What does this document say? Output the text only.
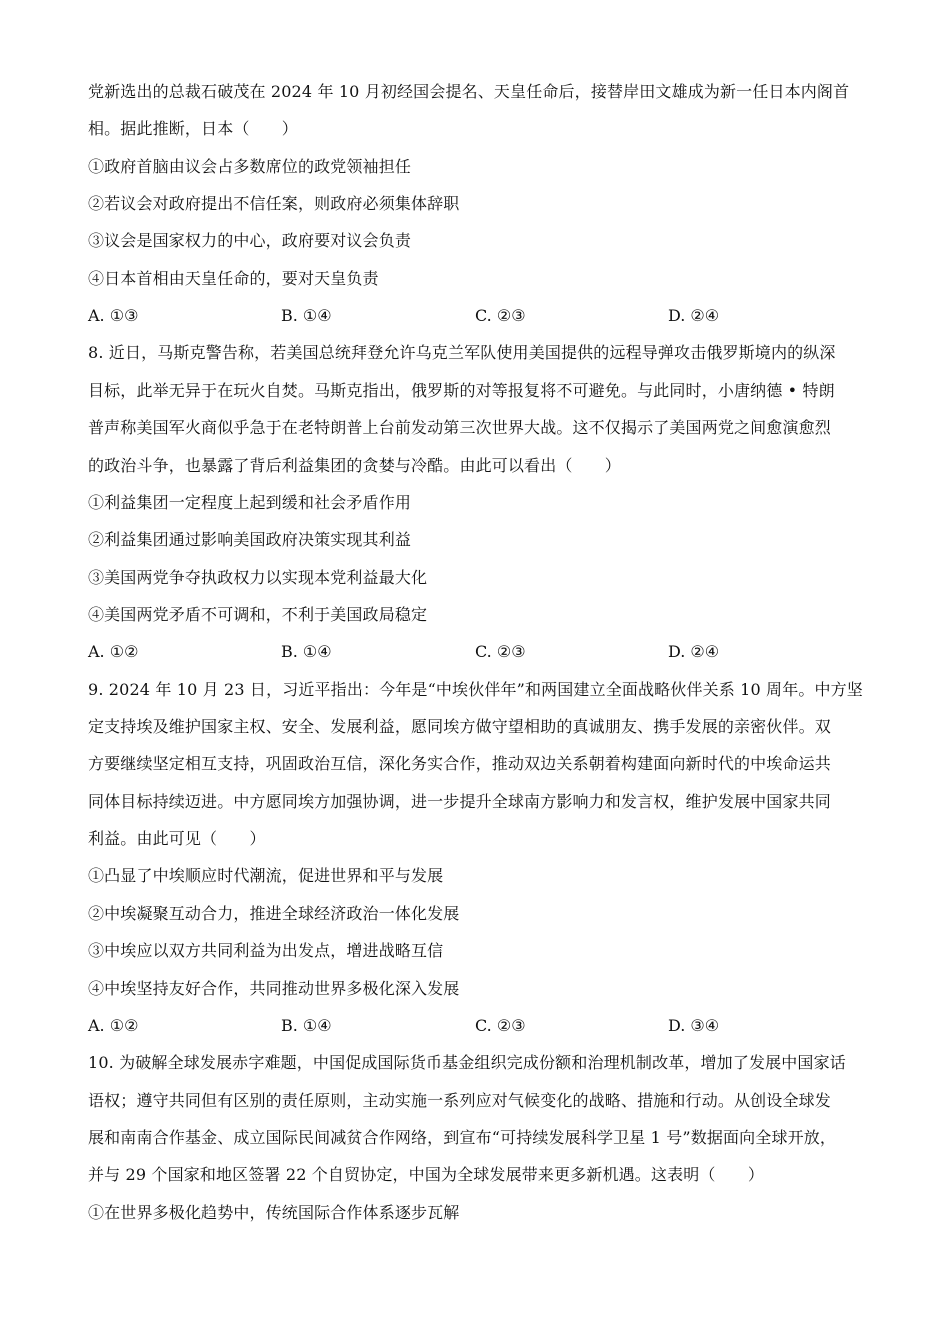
党新选出的总裁石破茂在 2024 年 10 月初经国会提名、天皇任命后，接替岸田文雄成为新一任日本内阁首
相。据此推断，日本（　　）
①政府首脑由议会占多数席位的政党领袖担任
②若议会对政府提出不信任案，则政府必须集体辞职
③议会是国家权力的中心，政府要对议会负责
④日本首相由天皇任命的，要对天皇负责
A. ①③	B. ①④	C. ②③	D. ②④
8. 近日，马斯克警告称，若美国总统拜登允许乌克兰军队使用美国提供的远程导弹攻击俄罗斯境内的纵深
目标，此举无异于在玩火自焚。马斯克指出，俄罗斯的对等报复将不可避免。与此同时，小唐纳德 • 特朗
普声称美国军火商似乎急于在老特朗普上台前发动第三次世界大战。这不仅揭示了美国两党之间愈演愈烈
的政治斗争，也暴露了背后利益集团的贪婪与冷酷。由此可以看出（　　）
①利益集团一定程度上起到缓和社会矛盾作用
②利益集团通过影响美国政府决策实现其利益
③美国两党争夺执政权力以实现本党利益最大化
④美国两党矛盾不可调和，不利于美国政局稳定
A. ①②	B. ①④	C. ②③	D. ②④
9. 2024 年 10 月 23 日，习近平指出：今年是“中埃伙伴年”和两国建立全面战略伙伴关系 10 周年。中方坚
定支持埃及维护国家主权、安全、发展利益，愿同埃方做守望相助的真诚朋友、携手发展的亲密伙伴。双
方要继续坚定相互支持，巩固政治互信，深化务实合作，推动双边关系朝着构建面向新时代的中埃命运共
同体目标持续迈进。中方愿同埃方加强协调，进一步提升全球南方影响力和发言权，维护发展中国家共同
利益。由此可见（　　）
①凸显了中埃顺应时代潮流，促进世界和平与发展
②中埃凝聚互动合力，推进全球经济政治一体化发展
③中埃应以双方共同利益为出发点，增进战略互信
④中埃坚持友好合作，共同推动世界多极化深入发展
A. ①②	B. ①④	C. ②③	D. ③④
10. 为破解全球发展赤字难题，中国促成国际货币基金组织完成份额和治理机制改革，增加了发展中国家话
语权；遵守共同但有区别的责任原则，主动实施一系列应对气候变化的战略、措施和行动。从创设全球发
展和南南合作基金、成立国际民间减贫合作网络，到宣布“可持续发展科学卫星 1 号”数据面向全球开放，
并与 29 个国家和地区签署 22 个自贸协定，中国为全球发展带来更多新机遇。这表明（　　）
①在世界多极化趋势中，传统国际合作体系逐步瓦解
